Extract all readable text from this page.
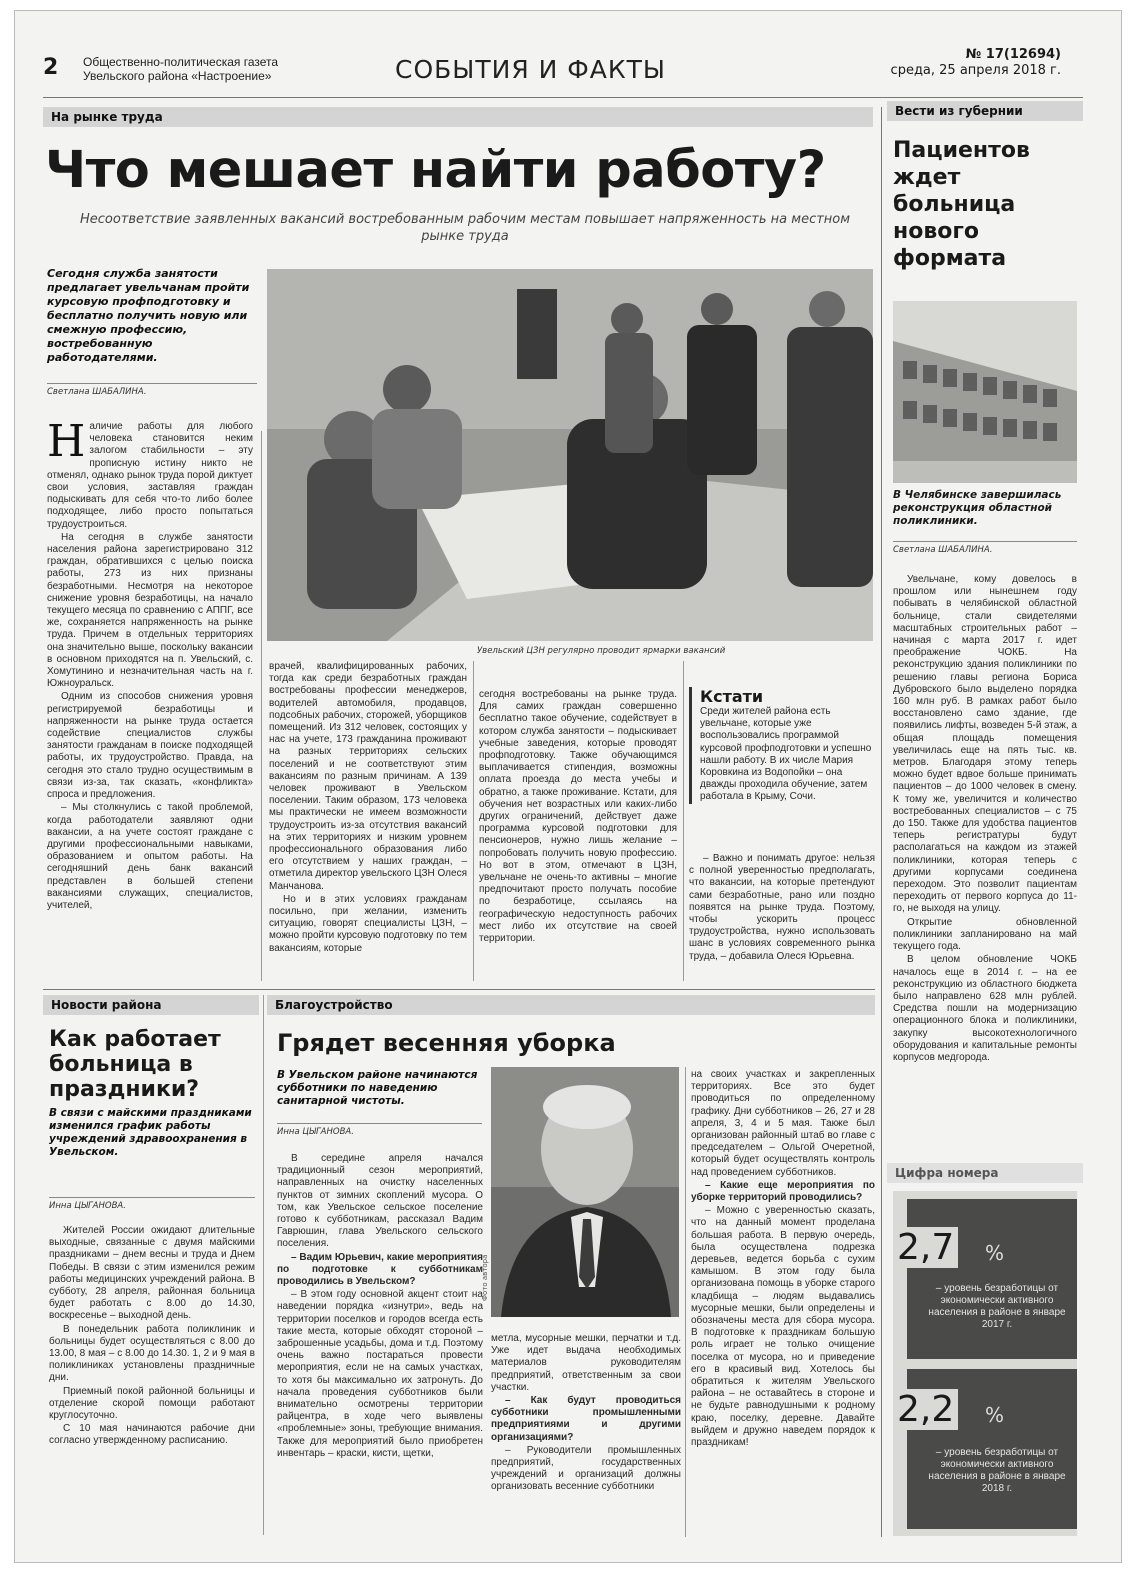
2 Общественно-политическая газета
Увельского района «Настроение»	СОБЫТИЯ И ФАКТЫ
№ 17(12694)
среда, 25 апреля 2018 г.
На рынке труда
Что мешает найти работу?
Несоответствие заявленных вакансий востребованным рабочим местам повышает напряженность на местном рынке труда
Сегодня служба занятости предлагает увельчанам пройти курсовую профподготовку и бесплатно получить новую или смежную профессию, востребованную работодателями.
Светлана ШАБАЛИНА.
Увельский ЦЗН регулярно проводит ярмарки вакансий
Н аличие работы для любого человека становится неким залогом стабильности – эту прописную истину никто не отменял, однако рынок труда порой диктует свои условия, заставляя граждан подыскивать для себя что-то либо более подходящее, либо просто попытаться трудоустроиться.

На сегодня в службе занятости населения района зарегистрировано 312 граждан, обратившихся с целью поиска работы, 273 из них признаны безработными. Несмотря на некоторое снижение уровня безработицы, на начало текущего месяца по сравнению с АППГ, все же, сохраняется напряженность на рынке труда. Причем в отдельных территориях она значительно выше, поскольку вакансии в основном приходятся на п. Увельский, с. Хомутинино и незначительная часть на г. Южноуральск.

Одним из способов снижения уровня регистрируемой безработицы и напряженности на рынке труда остается содействие специалистов службы занятости гражданам в поиске подходящей работы, их трудоустройство. Правда, на сегодня это стало трудно осуществимым в связи из-за, так сказать, «конфликта» спроса и предложения.

– Мы столкнулись с такой проблемой, когда работодатели заявляют одни вакансии, а на учете состоят граждане с другими профессиональными навыками, образованием и опытом работы. На сегодняшний день банк вакансий представлен в большей степени вакансиями служащих, специалистов, учителей,

врачей, квалифицированных рабочих, тогда как среди безработных граждан востребованы профессии менеджеров, водителей автомобиля, продавцов, подсобных рабочих, сторожей, уборщиков помещений. Из 312 человек, состоящих у нас на учете, 173 гражданина проживают на разных территориях сельских поселений и не соответствуют этим вакансиям по разным причинам. А 139 человек проживают в Увельском поселении. Таким образом, 173 человека мы практически не имеем возможности трудоустроить из-за отсутствия вакансий на этих территориях и низким уровнем профессионального образования либо его отсутствием у наших граждан, – отметила директор увельского ЦЗН Олеся Манчанова.

Но и в этих условиях гражданам посильно, при желании, изменить ситуацию, говорят специалисты ЦЗН, – можно пройти курсовую подготовку по тем вакансиям, которые

сегодня востребованы на рынке труда. Для самих граждан совершенно бесплатно такое обучение, содействует в котором служба занятости – подыскивает учебные заведения, которые проводят профподготовку. Также обучающимся выплачивается стипендия, возможны оплата проезда до места учебы и обратно, а также проживание. Кстати, для обучения нет возрастных или каких-либо других ограничений, действует даже программа курсовой подготовки для пенсионеров, нужно лишь желание – попробовать получить новую профессию. Но вот в этом, отмечают в ЦЗН, увельчане не очень-то активны – многие предпочитают просто получать пособие по безработице, ссылаясь на географическую недоступность рабочих мест либо их отсутствие на своей территории.

Кстати
Среди жителей района есть увельчане, которые уже воспользовались программой курсовой профподготовки и успешно нашли работу. В их числе Мария Коровкина из Водопойки – она дважды проходила обучение, затем работала в Крыму, Сочи.

– Важно и понимать другое: нельзя с полной уверенностью предполагать, что вакансии, на которые претендуют сами безработные, рано или поздно появятся на рынке труда. Поэтому, чтобы ускорить процесс трудоустройства, нужно использовать шанс в условиях современного рынка труда, – добавила Олеся Юрьевна.

Вести из губернии
Пациентов ждет больница нового формата
В Челябинске завершилась реконструкция областной поликлиники.
Светлана ШАБАЛИНА.

Увельчане, кому довелось в прошлом или нынешнем году побывать в челябинской областной больнице, стали свидетелями масштабных строительных работ – начиная с марта 2017 г. идет преображение ЧОКБ. На реконструкцию здания поликлиники по решению главы региона Бориса Дубровского было выделено порядка 160 млн руб. В рамках работ было восстановлено само здание, где появились лифты, возведен 5-й этаж, а общая площадь помещения увеличилась еще на пять тыс. кв. метров. Благодаря этому теперь можно будет вдвое больше принимать пациентов – до 1000 человек в смену. К тому же, увеличится и количество востребованных специалистов – с 75 до 150. Также для удобства пациентов теперь регистратуры будут располагаться на каждом из этажей поликлиники, которая теперь с другими корпусами соединена переходом. Это позволит пациентам переходить от первого корпуса до 11-го, не выходя на улицу.

Открытие обновленной поликлиники запланировано на май текущего года.

В целом обновление ЧОКБ началось еще в 2014 г. – на ее реконструкцию из областного бюджета было направлено 628 млн рублей. Средства пошли на модернизацию операционного блока и поликлиники, закупку высокотехнологичного оборудования и капитальные ремонты корпусов медгорода.

Цифра номера
2,7 %
– уровень безработицы от экономически активного населения в районе в январе 2017 г.
2,2 %
– уровень безработицы от экономически активного населения в районе в январе 2018 г.
Новости района
Как работает больница в праздники?
В связи с майскими праздниками изменился график работы учреждений здравоохранения в Увельском.
Инна ЦЫГАНОВА.

Жителей России ожидают длительные выходные, связанные с двумя майскими праздниками – днем весны и труда и Днем Победы. В связи с этим изменился режим работы медицинских учреждений района. В субботу, 28 апреля, районная больница будет работать с 8.00 до 14.30, воскресенье – выходной день.

В понедельник работа поликлиник и больницы будет осуществляться с 8.00 до 13.00, 8 мая – с 8.00 до 14.30. 1, 2 и 9 мая в поликлиниках установлены праздничные дни.

Приемный покой районной больницы и отделение скорой помощи работают круглосуточно.

С 10 мая начинаются рабочие дни согласно утвержденному расписанию.

Благоустройство
Грядет весенняя уборка
В Увельском районе начинаются субботники по наведению санитарной чистоты.
Инна ЦЫГАНОВА.

В середине апреля начался традиционный сезон мероприятий, направленных на очистку населенных пунктов от зимних скоплений мусора. О том, как Увельское сельское поселение готово к субботникам, рассказал Вадим Гаврюшин, глава Увельского сельского поселения.

– Вадим Юрьевич, какие мероприятия по подготовке к субботникам проводились в Увельском?

– В этом году основной акцент стоит на наведении порядка «изнутри», ведь на территории поселков и городов всегда есть такие места, которые обходят стороной – заброшенные усадьбы, дома и т.д. Поэтому очень важно постараться провести мероприятия, если не на самых участках, то хотя бы максимально их затронуть. До начала проведения субботников были внимательно осмотрены территории райцентра, в ходе чего выявлены «проблемные» зоны, требующие внимания. Также для мероприятий было приобретен инвентарь – краски, кисти, щетки,

Фото автора

метла, мусорные мешки, перчатки и т.д. Уже идет выдача необходимых материалов руководителям предприятий, ответственным за свои участки.

– Как будут проводиться субботники промышленными предприятиями и другими организациями?

– Руководители промышленных предприятий, государственных учреждений и организаций должны организовать весенние субботники

на своих участках и закрепленных территориях. Все это будет проводиться по определенному графику. Дни субботников – 26, 27 и 28 апреля, 3, 4 и 5 мая. Также был организован районный штаб во главе с председателем – Ольгой Очеретной, который будет осуществлять контроль над проведением субботников.

– Какие еще мероприятия по уборке территорий проводились?

– Можно с уверенностью сказать, что на данный момент проделана большая работа. В первую очередь, была осуществлена подрезка деревьев, ведется борьба с сухим камышом. В этом году была организована помощь в уборке старого кладбища – людям выдавались мусорные мешки, были определены и обозначены места для сбора мусора. В подготовке к праздникам большую роль играет не только очищение поселка от мусора, но и приведение его в красивый вид. Хотелось бы обратиться к жителям Увельского района – не оставайтесь в стороне и не будьте равнодушными к родному краю, поселку, деревне. Давайте выйдем и дружно наведем порядок к праздникам!
